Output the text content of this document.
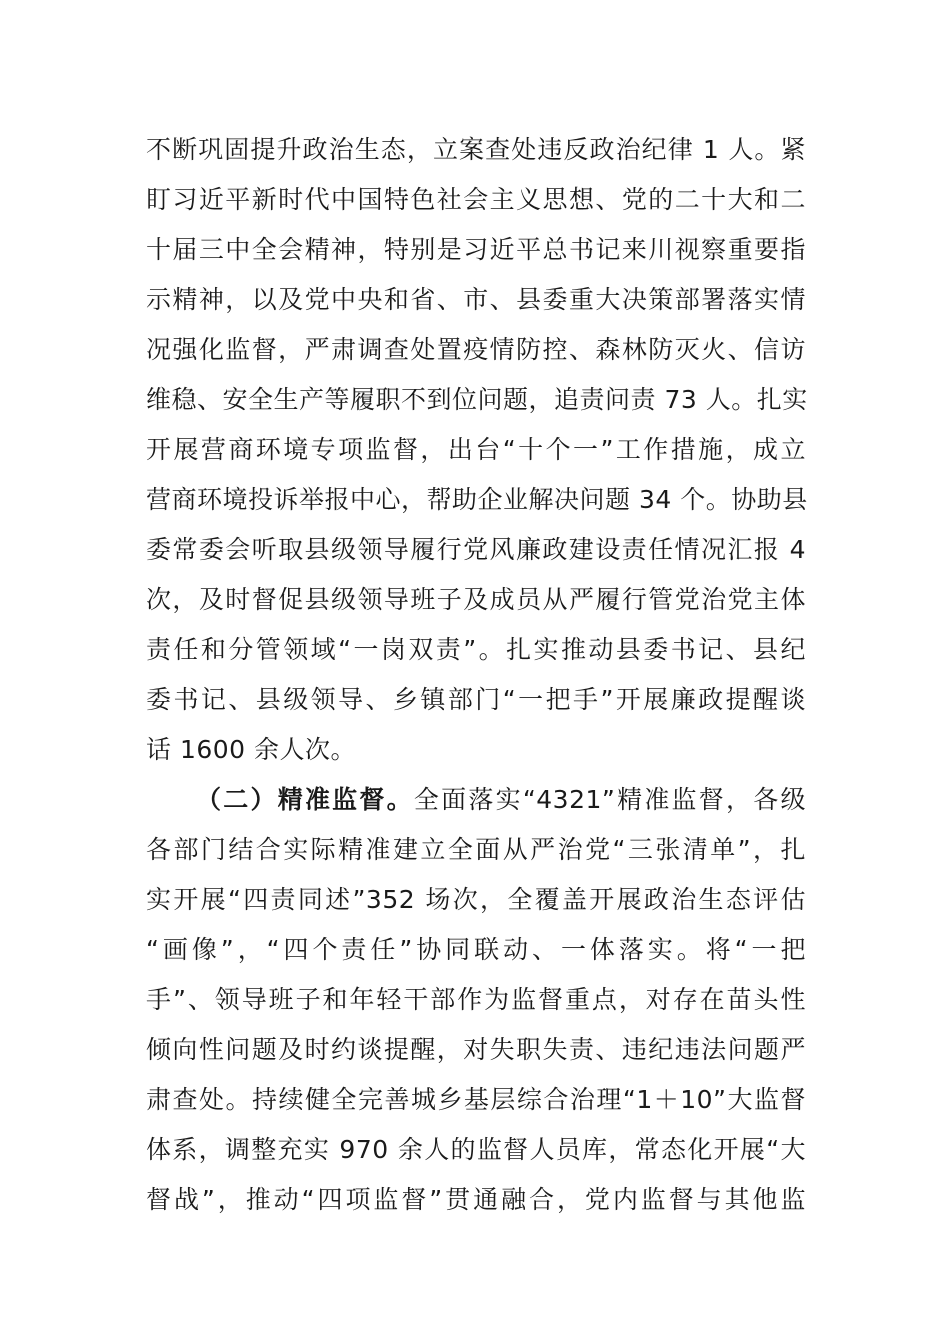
不断巩固提升政治生态，立案查处违反政治纪律 1 人。紧
盯习近平新时代中国特色社会主义思想、党的二十大和二
十届三中全会精神，特别是习近平总书记来川视察重要指
示精神，以及党中央和省、市、县委重大决策部署落实情
况强化监督，严肃调查处置疫情防控、森林防灭火、信访
维稳、安全生产等履职不到位问题，追责问责 73 人。扎实
开展营商环境专项监督，出台“十个一”工作措施，成立
营商环境投诉举报中心，帮助企业解决问题 34 个。协助县
委常委会听取县级领导履行党风廉政建设责任情况汇报 4
次，及时督促县级领导班子及成员从严履行管党治党主体
责任和分管领域“一岗双责”。扎实推动县委书记、县纪
委书记、县级领导、乡镇部门“一把手”开展廉政提醒谈
话 1600 余人次。
（二）精准监督。全面落实“4321”精准监督，各级
各部门结合实际精准建立全面从严治党“三张清单”，扎
实开展“四责同述”352 场次，全覆盖开展政治生态评估
“画像”，“四个责任”协同联动、一体落实。将“一把
手”、领导班子和年轻干部作为监督重点，对存在苗头性
倾向性问题及时约谈提醒，对失职失责、违纪违法问题严
肃查处。持续健全完善城乡基层综合治理“1＋10”大监督
体系，调整充实 970 余人的监督人员库，常态化开展“大
督战”，推动“四项监督”贯通融合，党内监督与其他监
